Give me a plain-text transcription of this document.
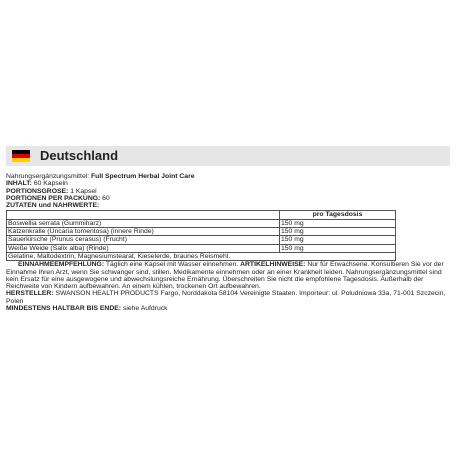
Deutschland
Nahrungsergänzungsmittel: Full Spectrum Herbal Joint Care
INHALT: 60 Kapseln
PORTIONSGRÖSE: 1 Kapsel
PORTIONEN PER PACKUNG: 60
ZUTATEN und NÄHRWERTE:
	pro Tagesdosis
Boswellia serrata (Gummiharz)	150 mg
Katzenkralle (Uncaria tomentosa) (innere Rinde)	150 mg
Sauerkirsche (Prunus cerasus) (Frucht)	150 mg
Weiße Weide (Salix alba) (Rinde)	150 mg
Gelatine, Maltodextrin, Magnesiumstearat, Kieselerde, braunes Reismehl.	
EINNAHMEEMPFEHLUNG: Täglich eine Kapsel mit Wasser einnehmen. ARTIKELHINWEISE: Nur für Erwachsene. Konsultieren Sie vor der Einnahme Ihren Arzt, wenn Sie schwanger sind, stillen, Medikamente einnehmen oder an einer Krankheit leiden. Nahrungsergänzungsmittel sind kein Ersatz für eine ausgewogene und abwechslungsreiche Ernährung. Überschreiten Sie nicht die empfohlene Tagesdosis. Außerhalb der Reichweite von Kindern aufbewahren. An einem kühlen, trockenen Ort aufbewahren.
HERSTELLER: SWANSON HEALTH PRODUCTS Fargo, Norddakota 58104 Vereinigte Staaten. Importeur: ul. Poludniowa 33a, 71-001 Szczecin, Polen
MINDESTENS HALTBAR BIS ENDE: siehe Aufdruck
